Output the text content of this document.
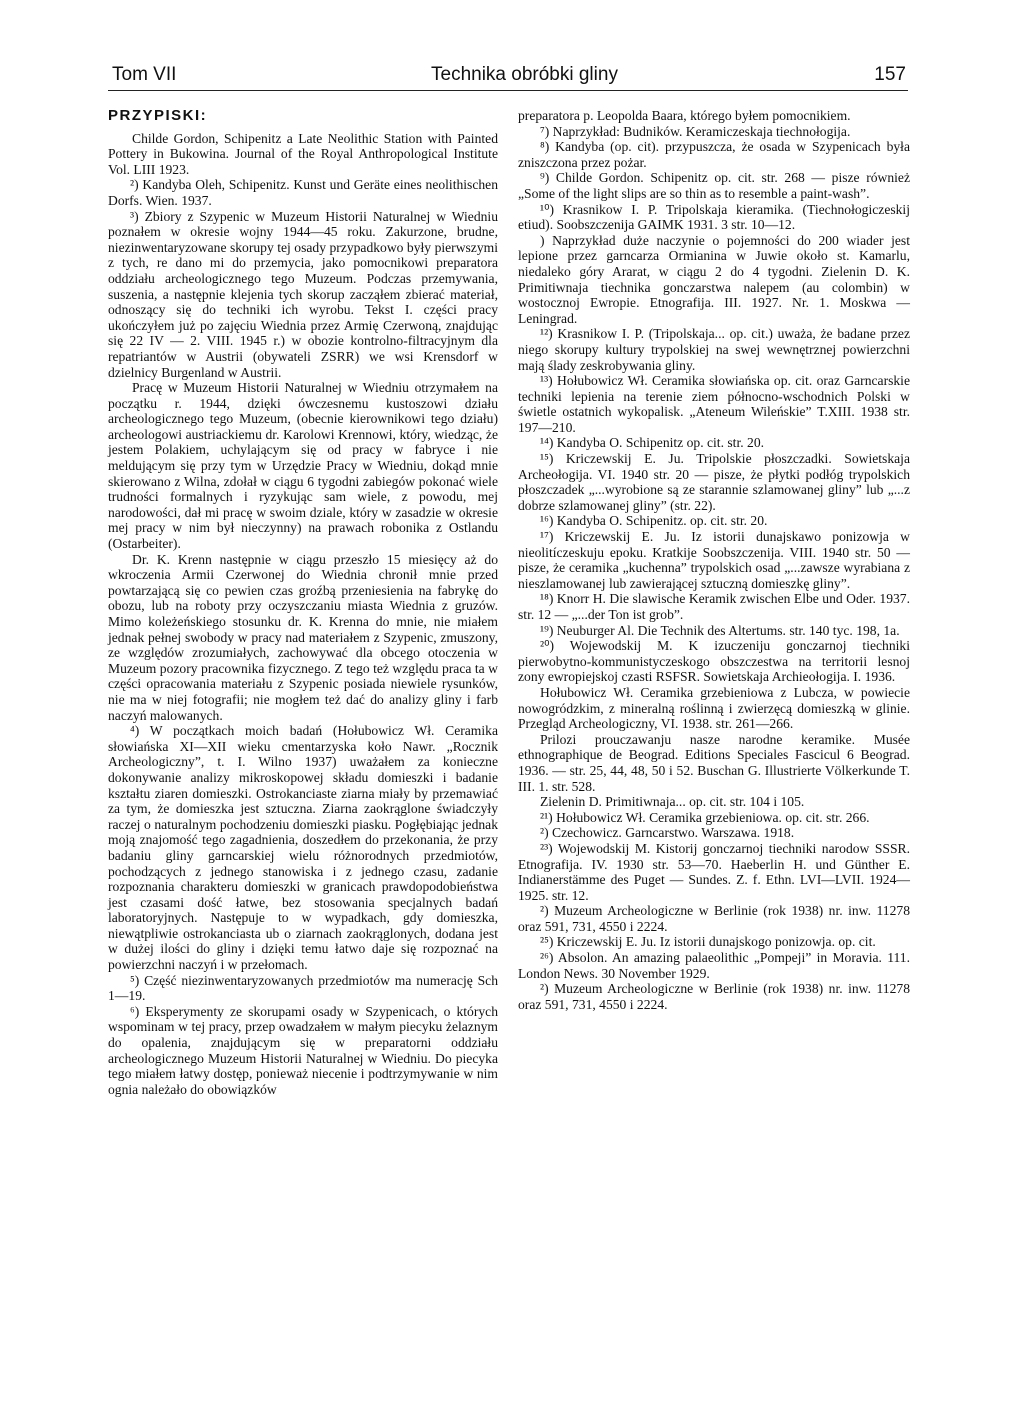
Tom VII	Technika obróbki gliny	157

PRZYPISKI:

Childe Gordon, Schipenitz a Late Neolithic Station with Painted Pottery in Bukowina. Journal of the Royal Anthropological Institute Vol. LIII 1923.

²) Kandyba Oleh, Schipenitz. Kunst und Geräte eines neolithischen Dorfs. Wien. 1937.

³) Zbiory z Szypenic w Muzeum Historii Naturalnej w Wiedniu poznałem w okresie wojny 1944—45 roku. Zakurzone, brudne, niezinwentaryzowane skorupy tej osady przypadkowo były pierwszymi z tych, re dano mi do przemycia, jako pomocnikowi preparatora oddziału archeologicznego tego Muzeum. Podczas przemywania, suszenia, a następnie klejenia tych skorup zacząłem zbierać materiał, odnoszący się do techniki ich wyrobu. Tekst I. części pracy ukończyłem już po zajęciu Wiednia przez Armię Czerwoną, znajdując się 22 IV — 2. VIII. 1945 r.) w obozie kontrolno-filtracyjnym dla repatriantów w Austrii (obywateli ZSRR) we wsi Krensdorf w dzielnicy Burgenland w Austrii.

Pracę w Muzeum Historii Naturalnej w Wiedniu otrzymałem na początku r. 1944, dzięki ówczesnemu kustoszowi działu archeologicznego tego Muzeum, (obecnie kierownikowi tego działu) archeologowi austriackiemu dr. Karolowi Krennowi, który, wiedząc, że jestem Polakiem, uchylającym się od pracy w fabryce i nie meldującym się przy tym w Urzędzie Pracy w Wiedniu, dokąd mnie skierowano z Wilna, zdołał w ciągu 6 tygodni zabiegów pokonać wiele trudności formalnych i ryzykując sam wiele, z powodu, mej narodowości, dał mi pracę w swoim dziale, który w zasadzie w okresie mej pracy w nim był nieczynny) na prawach robonika z Ostlandu (Ostarbeiter).

Dr. K. Krenn następnie w ciągu przeszło 15 miesięcy aż do wkroczenia Armii Czerwonej do Wiednia chronił mnie przed powtarzającą się co pewien czas groźbą przeniesienia na fabrykę do obozu, lub na roboty przy oczyszczaniu miasta Wiednia z gruzów. Mimo koleżeńskiego stosunku dr. K. Krenna do mnie, nie miałem jednak pełnej swobody w pracy nad materiałem z Szypenic, zmuszony, ze względów zrozumiałych, zachowywać dla obcego otoczenia w Muzeum pozory pracownika fizycznego. Z tego też względu praca ta w części opracowania materiału z Szypenic posiada niewiele rysunków, nie ma w niej fotografii; nie mogłem też dać do analizy gliny i farb naczyń malowanych.

⁴) W początkach moich badań (Hołubowicz Wł. Ceramika słowiańska XI—XII wieku cmentarzyska koło Nawr. „Rocznik Archeologiczny”, t. I. Wilno 1937) uważałem za konieczne dokonywanie analizy mikroskopowej składu domieszki i badanie kształtu ziaren domieszki. Ostrokanciaste ziarna miały by przemawiać za tym, że domieszka jest sztuczna. Ziarna zaokrąglone świadczyły raczej o naturalnym pochodzeniu domieszki piasku. Pogłębiając jednak moją znajomość tego zagadnienia, doszedłem do przekonania, że przy badaniu gliny garncarskiej wielu różnorodnych przedmiotów, pochodzących z jednego stanowiska i z jednego czasu, zadanie rozpoznania charakteru domieszki w granicach prawdopodobieństwa jest czasami dość łatwe, bez stosowania specjalnych badań laboratoryjnych. Następuje to w wypadkach, gdy domieszka, niewątpliwie ostrokanciasta ub o ziarnach zaokrąglonych, dodana jest w dużej ilości do gliny i dzięki temu łatwo daje się rozpoznać na powierzchni naczyń i w przełomach.

⁵) Część niezinwentaryzowanych przedmiotów ma numerację Sch 1—19.

⁶) Eksperymenty ze skorupami osady w Szypenicach, o których wspominam w tej pracy, przep owadzałem w małym piecyku żelaznym do opalenia, znajdującym się w preparatorni oddziału archeologicznego Muzeum Historii Naturalnej w Wiedniu. Do piecyka tego miałem łatwy dostęp, ponieważ niecenie i podtrzymywanie w nim ognia należało do obowiązków

preparatora p. Leopolda Baara, którego byłem pomocnikiem.

⁷) Naprzykład: Budników. Keramiczeskaja tiechnołogija.

⁸) Kandyba (op. cit). przypuszcza, że osada w Szypenicach była zniszczona przez pożar.

⁹) Childe Gordon. Schipenitz op. cit. str. 268 — pisze również „Some of the light slips are so thin as to resemble a paint-wash”.

¹⁰) Krasnikow I. P. Tripolskaja kieramika. (Tiechnołogiczeskij etiud). Soobszczenija GAIMK 1931. 3 str. 10—12.

) Naprzykład duże naczynie o pojemności do 200 wiader jest lepione przez garncarza Ormianina w Juwie około st. Kamarlu, niedaleko góry Ararat, w ciągu 2 do 4 tygodni. Zielenin D. K. Primitiwnaja tiechnika gonczarstwa nalepem (au colombin) w wostocznoj Ewropie. Etnografija. III. 1927. Nr. 1. Moskwa —Leningrad.

¹²) Krasnikow I. P. (Tripolskaja... op. cit.) uważa, że badane przez niego skorupy kultury trypolskiej na swej wewnętrznej powierzchni mają ślady zeskrobywania gliny.

¹³) Hołubowicz Wł. Ceramika słowiańska op. cit. oraz Garncarskie techniki lepienia na terenie ziem północno-wschodnich Polski w świetle ostatnich wykopalisk. „Ateneum Wileńskie” T.XIII. 1938 str. 197—210.

¹⁴) Kandyba O. Schipenitz op. cit. str. 20.

¹⁵) Kriczewskij E. Ju. Tripolskie płoszczadki. Sowietskaja Archeołogija. VI. 1940 str. 20 — pisze, że płytki podłóg trypolskich płoszczadek „...wyrobione są ze starannie szlamowanej gliny” lub „...z dobrze szlamowanej gliny” (str. 22).

¹⁶) Kandyba O. Schipenitz. op. cit. str. 20.

¹⁷) Kriczewskij E. Ju. Iz istorii dunajskawo ponizowja w nieolitíczeskuju epoku. Kratkije Soobszczenija. VIII. 1940 str. 50 — pisze, że ceramika „kuchenna” trypolskich osad „...zawsze wyrabiana z nieszlamowanej lub zawierającej sztuczną domieszkę gliny”.

¹⁸) Knorr H. Die slawische Keramik zwischen Elbe und Oder. 1937. str. 12 — „...der Ton ist grob”.

¹⁹) Neuburger Al. Die Technik des Altertums. str. 140 tyc. 198, 1a.

²⁰) Wojewodskij M. K izuczeniju gonczarnoj tiechniki pierwobytno-kommunistyczeskogo obszczestwa na territorii lesnoj zony ewropiejskoj czasti RSFSR. Sowietskaja Archieołogija. I. 1936.

Hołubowicz Wł. Ceramika grzebieniowa z Lubcza, w powiecie nowogródzkim, z mineralną roślinną i zwierzęcą domieszką w glinie. Przegląd Archeologiczny, VI. 1938. str. 261—266.

Prilozi prouczawanju nasze narodne keramike. Musée ethnographique de Beograd. Editions Speciales Fascicul 6 Beograd. 1936. — str. 25, 44, 48, 50 i 52. Buschan G. Illustrierte Völkerkunde T. III. 1. str. 528.

Zielenin D. Primitiwnaja... op. cit. str. 104 i 105.

²¹) Hołubowicz Wł. Ceramika grzebieniowa. op. cit. str. 266.

²) Czechowicz. Garncarstwo. Warszawa. 1918.

²³) Wojewodskij M. Kistorij gonczarnoj tiechniki narodow SSSR. Etnografija. IV. 1930 str. 53—70. Haeberlin H. und Günther E. Indianerstämme des Puget — Sundes. Z. f. Ethn. LVI—LVII. 1924— 1925. str. 12.

²) Muzeum Archeologiczne w Berlinie (rok 1938) nr. inw. 11278 oraz 591, 731, 4550 i 2224.

²⁵) Kriczewskij E. Ju. Iz istorii dunajskogo ponizowja. op. cit.

²⁶) Absolon. An amazing palaeolithic „Pompeji” in Moravia. 111. London News. 30 November 1929.

²) Muzeum Archeologiczne w Berlinie (rok 1938) nr. inw. 11278 oraz 591, 731, 4550 i 2224.
